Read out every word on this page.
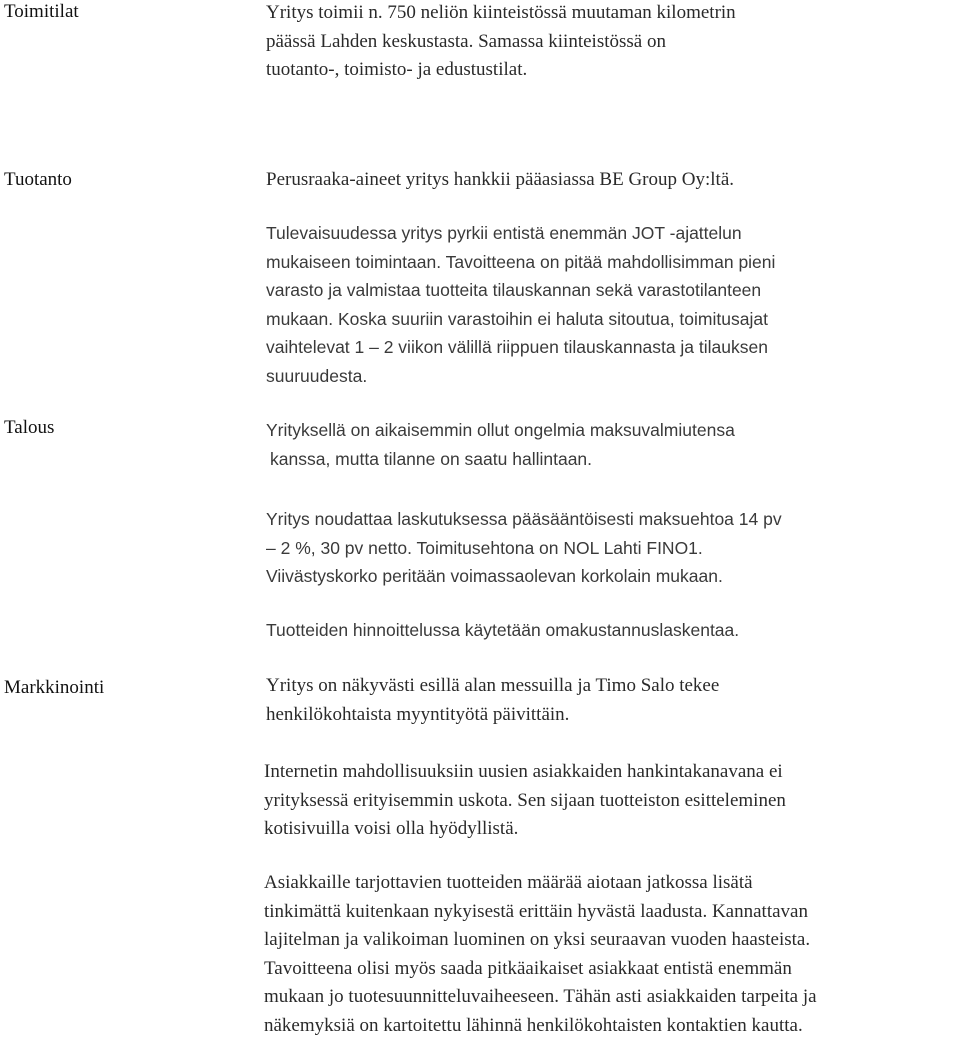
Toimitilat	Yritys toimii n. 750 neliön kiinteistössä muutaman kilometrin
päässä Lahden keskustasta. Samassa kiinteistössä on
tuotanto-, toimisto- ja edustustilat.
Tuotanto	Perusraaka-aineet yritys hankkii pääasiassa BE Group Oy:ltä.
Tulevaisuudessa yritys pyrkii entistä enemmän JOT -ajattelun
mukaiseen toimintaan. Tavoitteena on pitää mahdollisimman pieni
varasto ja valmistaa tuotteita tilauskannan sekä varastotilanteen
mukaan. Koska suuriin varastoihin ei haluta sitoutua, toimitusajat
vaihtelevat 1 – 2 viikon välillä riippuen tilauskannasta ja tilauksen
suuruudesta.
Talous	Yrityksellä on aikaisemmin ollut ongelmia maksuvalmiutensa
kanssa, mutta tilanne on saatu hallintaan.
Yritys noudattaa laskutuksessa pääsääntöisesti maksuehtoa 14 pv
– 2 %, 30 pv netto. Toimitusehtona on NOL Lahti FINO1.
Viivästyskorko peritään voimassaolevan korkolain mukaan.
Tuotteiden hinnoittelussa käytetään omakustannuslaskentaa.
Markkinointi	Yritys on näkyvästi esillä alan messuilla ja Timo Salo tekee
henkilökohtaista myyntityötä päivittäin.
Internetin mahdollisuuksiin uusien asiakkaiden hankintakanavana ei
yrityksessä erityisemmin uskota. Sen sijaan tuotteiston esitteleminen
kotisivuilla voisi olla hyödyllistä.
Asiakkaille tarjottavien tuotteiden määrää aiotaan jatkossa lisätä
tinkimättä kuitenkaan nykyisestä erittäin hyvästä laadusta. Kannattavan
lajitelman ja valikoiman luominen on yksi seuraavan vuoden haasteista.
Tavoitteena olisi myös saada pitkäaikaiset asiakkaat entistä enemmän
mukaan jo tuotesuunnitteluvaiheeseen. Tähän asti asiakkaiden tarpeita ja
näkemyksiä on kartoitettu lähinnä henkilökohtaisten kontaktien kautta.
